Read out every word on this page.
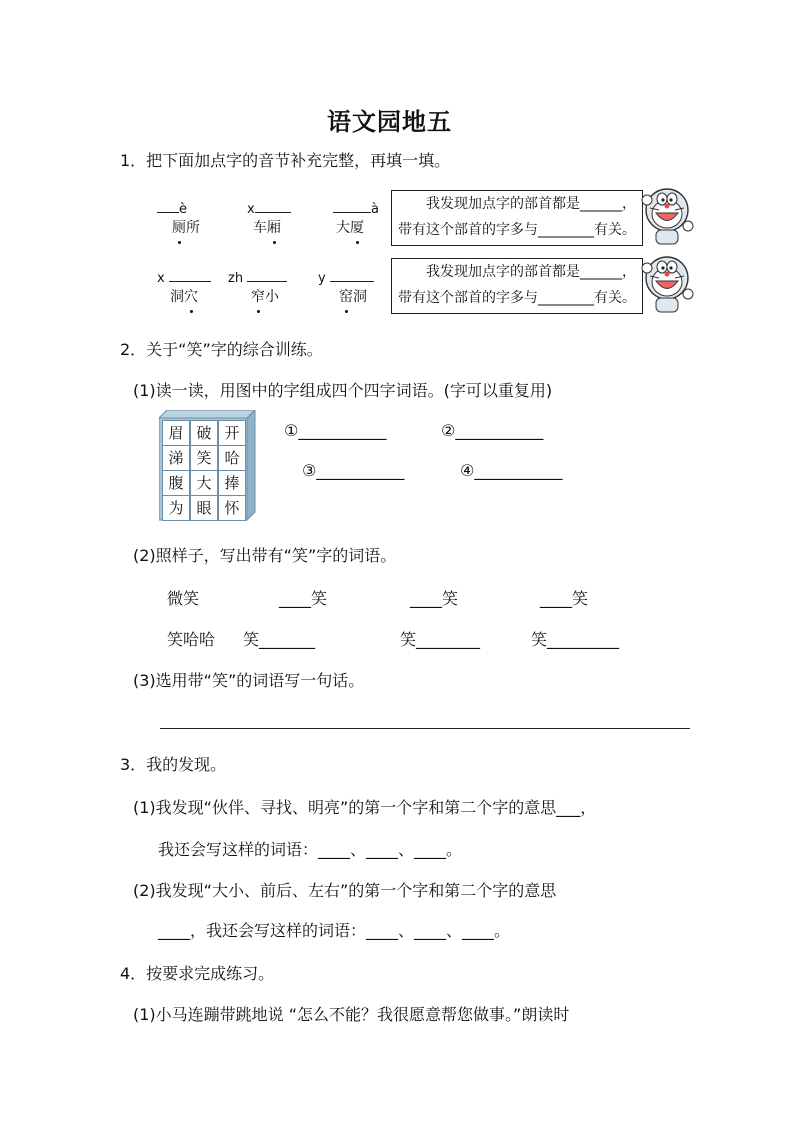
语文园地五
1．把下面加点字的音节补充完整，再填一填。
è
厕所
x
车厢
à
大厦
x
洞穴
zh
窄小
y
窑洞
我发现加点字的部首都是______，
带有这个部首的字多与________有关。
我发现加点字的部首都是______，
带有这个部首的字多与________有关。
2．关于“笑”字的综合训练。
(1)读一读，用图中的字组成四个四字词语。(字可以重复用)
眉 破 开
涕 笑 哈
腹 大 捧
为 眼 怀
①___________	②___________
③___________	④___________
(2)照样子，写出带有“笑”字的词语。
微笑	____笑	____笑	____笑
笑哈哈 笑_______	笑________	笑_________
(3)选用带“笑”的词语写一句话。
3．我的发现。
(1)我发现“伙伴、寻找、明亮”的第一个字和第二个字的意思___，
我还会写这样的词语：____、____、____。
(2)我发现“大小、前后、左右”的第一个字和第二个字的意思
____，我还会写这样的词语：____、____、____。
4．按要求完成练习。
(1)小马连蹦带跳地说 “怎么不能？我很愿意帮您做事。”朗读时
